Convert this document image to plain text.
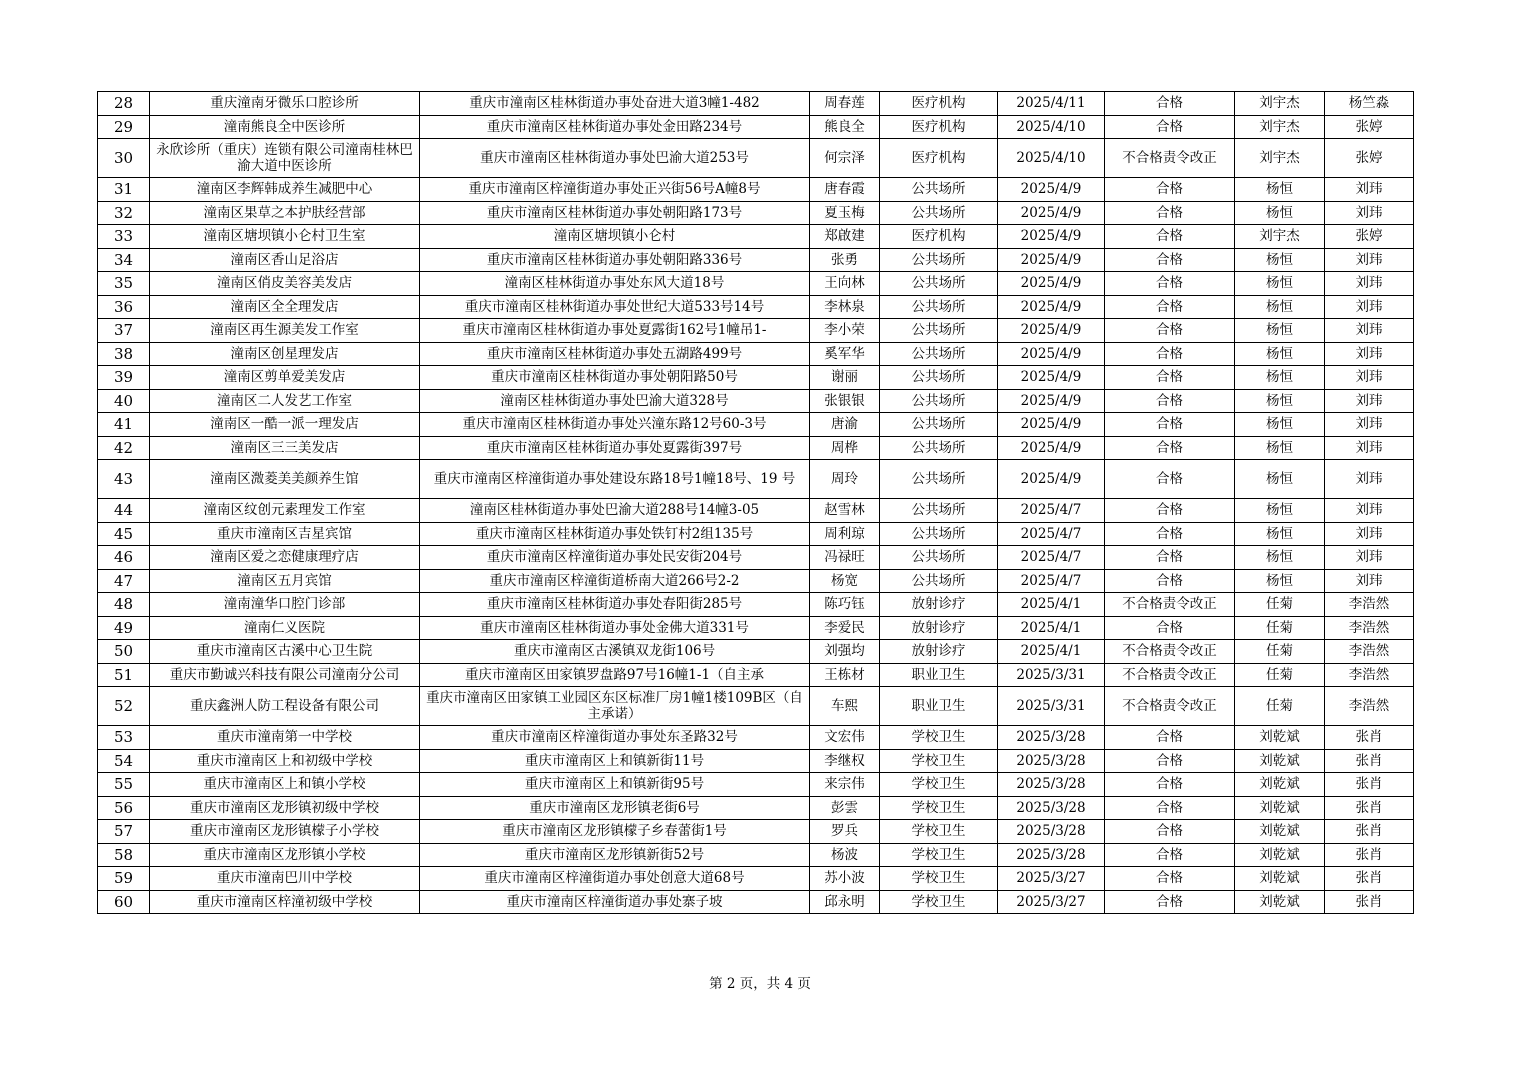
28	重庆潼南牙微乐口腔诊所	重庆市潼南区桂林街道办事处奋进大道3幢1-482	周春莲	医疗机构	2025/4/11	合格	刘宇杰	杨竺淼
29	潼南熊良全中医诊所	重庆市潼南区桂林街道办事处金田路234号	熊良全	医疗机构	2025/4/10	合格	刘宇杰	张婷
30	永欣诊所（重庆）连锁有限公司潼南桂林巴渝大道中医诊所	重庆市潼南区桂林街道办事处巴渝大道253号	何宗泽	医疗机构	2025/4/10	不合格责令改正	刘宇杰	张婷
31	潼南区李辉韩成养生减肥中心	重庆市潼南区梓潼街道办事处正兴街56号A幢8号	唐春霞	公共场所	2025/4/9	合格	杨恒	刘玮
32	潼南区果草之本护肤经营部	重庆市潼南区桂林街道办事处朝阳路173号	夏玉梅	公共场所	2025/4/9	合格	杨恒	刘玮
33	潼南区塘坝镇小仑村卫生室	潼南区塘坝镇小仑村	郑啟建	医疗机构	2025/4/9	合格	刘宇杰	张婷
34	潼南区香山足浴店	重庆市潼南区桂林街道办事处朝阳路336号	张勇	公共场所	2025/4/9	合格	杨恒	刘玮
35	潼南区俏皮美容美发店	潼南区桂林街道办事处东风大道18号	王向林	公共场所	2025/4/9	合格	杨恒	刘玮
36	潼南区全全理发店	重庆市潼南区桂林街道办事处世纪大道533号14号	李林泉	公共场所	2025/4/9	合格	杨恒	刘玮
37	潼南区再生源美发工作室	重庆市潼南区桂林街道办事处夏露街162号1幢吊1-	李小荣	公共场所	2025/4/9	合格	杨恒	刘玮
38	潼南区创星理发店	重庆市潼南区桂林街道办事处五湖路499号	奚军华	公共场所	2025/4/9	合格	杨恒	刘玮
39	潼南区剪单爱美发店	重庆市潼南区桂林街道办事处朝阳路50号	谢丽	公共场所	2025/4/9	合格	杨恒	刘玮
40	潼南区二人发艺工作室	潼南区桂林街道办事处巴渝大道328号	张银银	公共场所	2025/4/9	合格	杨恒	刘玮
41	潼南区一酷一派一理发店	重庆市潼南区桂林街道办事处兴潼东路12号60-3号	唐渝	公共场所	2025/4/9	合格	杨恒	刘玮
42	潼南区三三美发店	重庆市潼南区桂林街道办事处夏露街397号	周桦	公共场所	2025/4/9	合格	杨恒	刘玮
43	潼南区溦菱美美颜养生馆	重庆市潼南区梓潼街道办事处建设东路18号1幢18号、19 号	周玲	公共场所	2025/4/9	合格	杨恒	刘玮
44	潼南区纹创元素理发工作室	潼南区桂林街道办事处巴渝大道288号14幢3-05	赵雪林	公共场所	2025/4/7	合格	杨恒	刘玮
45	重庆市潼南区吉星宾馆	重庆市潼南区桂林街道办事处铁钉村2组135号	周利琼	公共场所	2025/4/7	合格	杨恒	刘玮
46	潼南区爱之恋健康理疗店	重庆市潼南区梓潼街道办事处民安街204号	冯禄旺	公共场所	2025/4/7	合格	杨恒	刘玮
47	潼南区五月宾馆	重庆市潼南区梓潼街道桥南大道266号2-2	杨宽	公共场所	2025/4/7	合格	杨恒	刘玮
48	潼南潼华口腔门诊部	重庆市潼南区桂林街道办事处春阳街285号	陈巧钰	放射诊疗	2025/4/1	不合格责令改正	任菊	李浩然
49	潼南仁义医院	重庆市潼南区桂林街道办事处金佛大道331号	李爱民	放射诊疗	2025/4/1	合格	任菊	李浩然
50	重庆市潼南区古溪中心卫生院	重庆市潼南区古溪镇双龙街106号	刘强均	放射诊疗	2025/4/1	不合格责令改正	任菊	李浩然
51	重庆市勤诚兴科技有限公司潼南分公司	重庆市潼南区田家镇罗盘路97号16幢1-1（自主承	王栋材	职业卫生	2025/3/31	不合格责令改正	任菊	李浩然
52	重庆鑫洲人防工程设备有限公司	重庆市潼南区田家镇工业园区东区标准厂房1幢1楼109B区（自主承诺）	车熙	职业卫生	2025/3/31	不合格责令改正	任菊	李浩然
53	重庆市潼南第一中学校	重庆市潼南区梓潼街道办事处东圣路32号	文宏伟	学校卫生	2025/3/28	合格	刘乾斌	张肖
54	重庆市潼南区上和初级中学校	重庆市潼南区上和镇新街11号	李继权	学校卫生	2025/3/28	合格	刘乾斌	张肖
55	重庆市潼南区上和镇小学校	重庆市潼南区上和镇新街95号	来宗伟	学校卫生	2025/3/28	合格	刘乾斌	张肖
56	重庆市潼南区龙形镇初级中学校	重庆市潼南区龙形镇老街6号	彭雲	学校卫生	2025/3/28	合格	刘乾斌	张肖
57	重庆市潼南区龙形镇檬子小学校	重庆市潼南区龙形镇檬子乡春蕾街1号	罗兵	学校卫生	2025/3/28	合格	刘乾斌	张肖
58	重庆市潼南区龙形镇小学校	重庆市潼南区龙形镇新街52号	杨波	学校卫生	2025/3/28	合格	刘乾斌	张肖
59	重庆市潼南巴川中学校	重庆市潼南区梓潼街道办事处创意大道68号	苏小波	学校卫生	2025/3/27	合格	刘乾斌	张肖
60	重庆市潼南区梓潼初级中学校	重庆市潼南区梓潼街道办事处寨子坡	邱永明	学校卫生	2025/3/27	合格	刘乾斌	张肖
第 2 页，共 4 页
